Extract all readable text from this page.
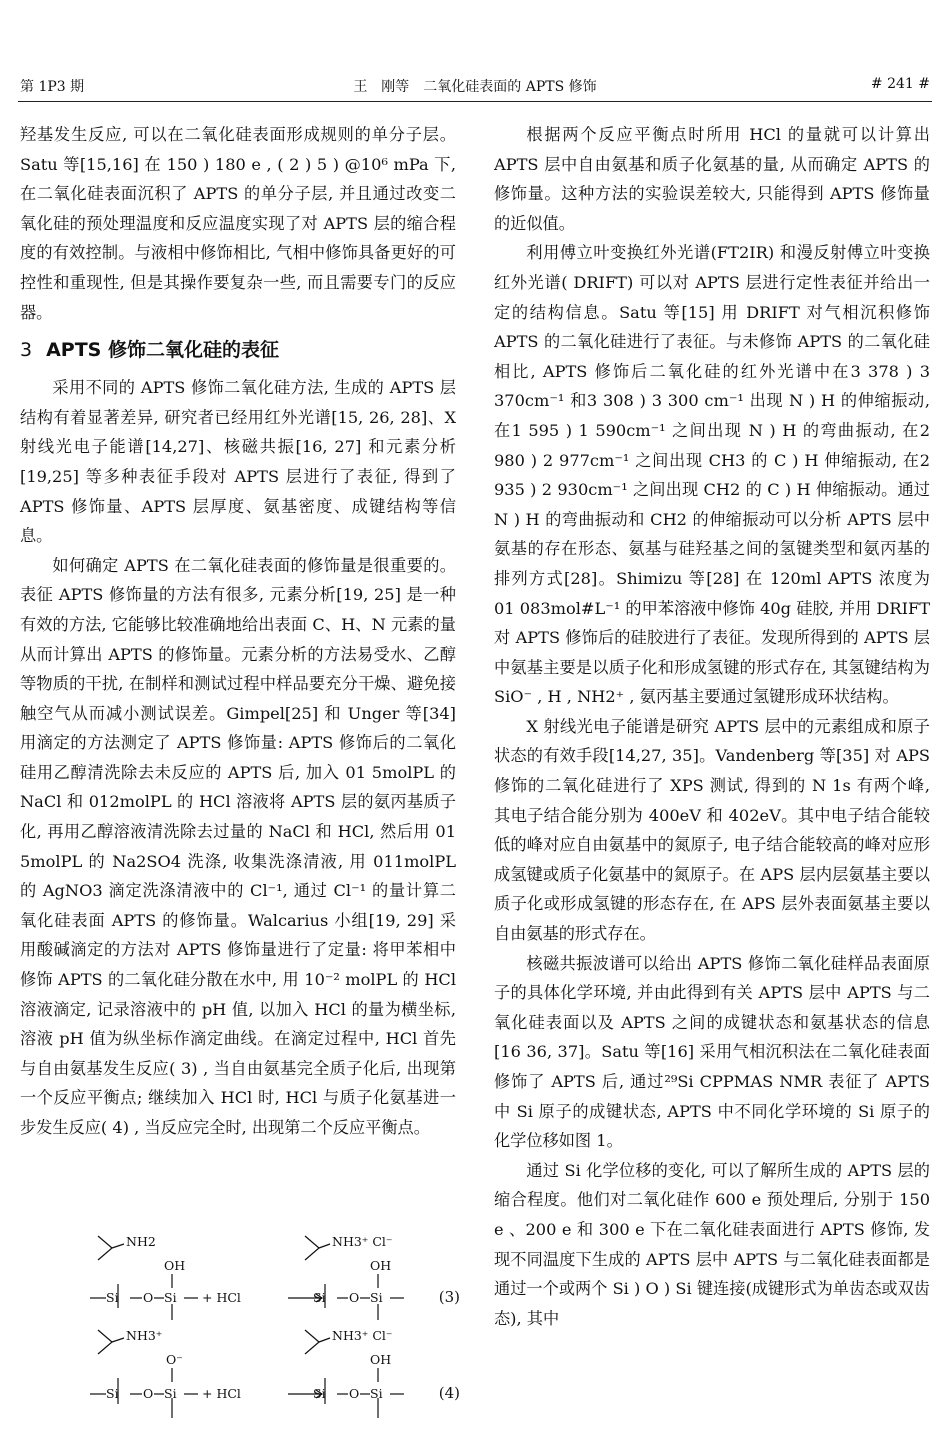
第 1P3 期	王　刚等　二氧化硅表面的 APTS 修饰	# 241 #

羟基发生反应, 可以在二氧化硅表面形成规则的单分子层。Satu 等[15,16] 在 150 ) 180 e , ( 2 ) 5 ) @10⁶ mPa 下, 在二氧化硅表面沉积了 APTS 的单分子层, 并且通过改变二氧化硅的预处理温度和反应温度实现了对 APTS 层的缩合程度的有效控制。与液相中修饰相比, 气相中修饰具备更好的可控性和重现性, 但是其操作要复杂一些, 而且需要专门的反应器。

3 APTS 修饰二氧化硅的表征

采用不同的 APTS 修饰二氧化硅方法, 生成的 APTS 层结构有着显著差异, 研究者已经用红外光谱[15, 26, 28]、X 射线光电子能谱[14,27]、核磁共振[16, 27] 和元素分析[19,25] 等多种表征手段对 APTS 层进行了表征, 得到了 APTS 修饰量、APTS 层厚度、氨基密度、成键结构等信息。

如何确定 APTS 在二氧化硅表面的修饰量是很重要的。表征 APTS 修饰量的方法有很多, 元素分析[19, 25] 是一种有效的方法, 它能够比较准确地给出表面 C、H、N 元素的量从而计算出 APTS 的修饰量。元素分析的方法易受水、乙醇等物质的干扰, 在制样和测试过程中样品要充分干燥、避免接触空气从而减小测试误差。Gimpel[25] 和 Unger 等[34] 用滴定的方法测定了 APTS 修饰量: APTS 修饰后的二氧化硅用乙醇清洗除去未反应的 APTS 后, 加入 01 5molPL 的 NaCl 和 012molPL 的 HCl 溶液将 APTS 层的氨丙基质子化, 再用乙醇溶液清洗除去过量的 NaCl 和 HCl, 然后用 01 5molPL 的 Na2SO4 洗涤, 收集洗涤清液, 用 011molPL 的 AgNO3 滴定洗涤清液中的 Cl⁻¹, 通过 Cl⁻¹ 的量计算二氧化硅表面 APTS 的修饰量。Walcarius 小组[19, 29] 采用酸碱滴定的方法对 APTS 修饰量进行了定量: 将甲苯相中修饰 APTS 的二氧化硅分散在水中, 用 10⁻² molPL 的 HCl 溶液滴定, 记录溶液中的 pH 值, 以加入 HCl 的量为横坐标, 溶液 pH 值为纵坐标作滴定曲线。在滴定过程中, HCl 首先与自由氨基发生反应( 3) , 当自由氨基完全质子化后, 出现第一个反应平衡点; 继续加入 HCl 时, HCl 与质子化氨基进一步发生反应( 4) , 当反应完全时, 出现第二个反应平衡点。

NH2
OH
Si O Si + HCl
NH3⁺ Cl⁻
OH
Si O Si	(3)
NH3⁺
O⁻
Si O Si + HCl
NH3⁺ Cl⁻
OH
Si O Si	(4)

根据两个反应平衡点时所用 HCl 的量就可以计算出 APTS 层中自由氨基和质子化氨基的量, 从而确定 APTS 的修饰量。这种方法的实验误差较大, 只能得到 APTS 修饰量的近似值。

利用傅立叶变换红外光谱(FT2IR) 和漫反射傅立叶变换红外光谱( DRIFT) 可以对 APTS 层进行定性表征并给出一定的结构信息。Satu 等[15] 用 DRIFT 对气相沉积修饰 APTS 的二氧化硅进行了表征。与未修饰 APTS 的二氧化硅相比, APTS 修饰后二氧化硅的红外光谱中在3 378 ) 3 370cm⁻¹ 和3 308 ) 3 300 cm⁻¹ 出现 N ) H 的伸缩振动, 在1 595 ) 1 590cm⁻¹ 之间出现 N ) H 的弯曲振动, 在2 980 ) 2 977cm⁻¹ 之间出现 CH3 的 C ) H 伸缩振动, 在2 935 ) 2 930cm⁻¹ 之间出现 CH2 的 C ) H 伸缩振动。通过 N ) H 的弯曲振动和 CH2 的伸缩振动可以分析 APTS 层中氨基的存在形态、氨基与硅羟基之间的氢键类型和氨丙基的排列方式[28]。Shimizu 等[28] 在 120ml APTS 浓度为 01 083mol#L⁻¹ 的甲苯溶液中修饰 40g 硅胶, 并用 DRIFT 对 APTS 修饰后的硅胶进行了表征。发现所得到的 APTS 层中氨基主要是以质子化和形成氢键的形式存在, 其氢键结构为 SiO⁻ , H , NH2⁺ , 氨丙基主要通过氢键形成环状结构。

X 射线光电子能谱是研究 APTS 层中的元素组成和原子状态的有效手段[14,27, 35]。Vandenberg 等[35] 对 APS 修饰的二氧化硅进行了 XPS 测试, 得到的 N 1s 有两个峰, 其电子结合能分别为 400eV 和 402eV。其中电子结合能较低的峰对应自由氨基中的氮原子, 电子结合能较高的峰对应形成氢键或质子化氨基中的氮原子。在 APS 层内层氨基主要以质子化或形成氢键的形态存在, 在 APS 层外表面氨基主要以自由氨基的形式存在。

核磁共振波谱可以给出 APTS 修饰二氧化硅样品表面原子的具体化学环境, 并由此得到有关 APTS 层中 APTS 与二氧化硅表面以及 APTS 之间的成键状态和氨基状态的信息[16 36, 37]。Satu 等[16] 采用气相沉积法在二氧化硅表面修饰了 APTS 后, 通过²⁹Si CPPMAS NMR 表征了 APTS 中 Si 原子的成键状态, APTS 中不同化学环境的 Si 原子的化学位移如图 1。

通过 Si 化学位移的变化, 可以了解所生成的 APTS 层的缩合程度。他们对二氧化硅作 600 e 预处理后, 分别于 150 e 、200 e 和 300 e 下在二氧化硅表面进行 APTS 修饰, 发现不同温度下生成的 APTS 层中 APTS 与二氧化硅表面都是通过一个或两个 Si ) O ) Si 键连接(成键形式为单齿态或双齿态), 其中
